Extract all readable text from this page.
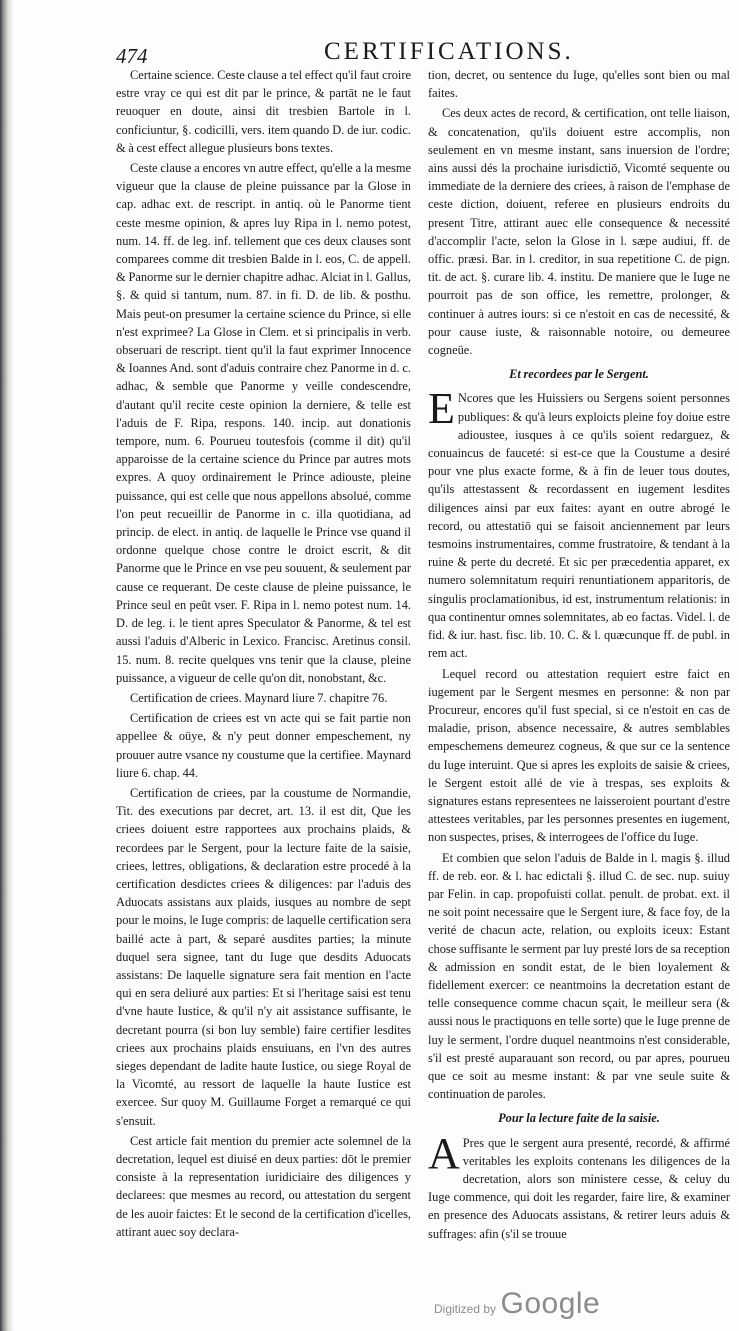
474	CERTIFICATIONS.

Certaine science. Ceste clause a tel effect qu'il faut croire estre vray ce qui est dit par le prince, & partāt ne le faut reuoquer en doute, ainsi dit tresbien Bartole in l. conficiuntur, §. codicilli, vers. item quando D. de iur. codic. & à cest effect allegue plusieurs bons textes.

Ceste clause a encores vn autre effect, qu'elle a la mesme vigueur que la clause de pleine puissance par la Glose in cap. adhac ext. de rescript. in antiq. où le Panorme tient ceste mesme opinion, & apres luy Ripa in l. nemo potest, num. 14. ff. de leg. inf. tellement que ces deux clauses sont comparees comme dit tresbien Balde in l. eos, C. de appell. & Panorme sur le dernier chapitre adhac. Alciat in l. Gallus, §. & quid si tantum, num. 87. in fi. D. de lib. & posthu. Mais peut-on presumer la certaine science du Prince, si elle n'est exprimee? La Glose in Clem. et si principalis in verb. obseruari de rescript. tient qu'il la faut exprimer Innocence & Ioannes And. sont d'aduis contraire chez Panorme in d. c. adhac, & semble que Panorme y veille condescendre, d'autant qu'il recite ceste opinion la derniere, & telle est l'aduis de F. Ripa, respons. 140. incip. aut donationis tempore, num. 6. Pourueu toutesfois (comme il dit) qu'il apparoisse de la certaine science du Prince par autres mots expres. A quoy ordinairement le Prince adiouste, pleine puissance, qui est celle que nous appellons absolué, comme l'on peut recueillir de Panorme in c. illa quotidiana, ad princip. de elect. in antiq. de laquelle le Prince vse quand il ordonne quelque chose contre le droict escrit, & dit Panorme que le Prince en vse peu souuent, & seulement par cause ce requerant. De ceste clause de pleine puissance, le Prince seul en peût vser. F. Ripa in l. nemo potest num. 14. D. de leg. i. le tient apres Speculator & Panorme, & tel est aussi l'aduis d'Alberic in Lexico. Francisc. Aretinus consil. 15. num. 8. recite quelques vns tenir que la clause, pleine puissance, a vigueur de celle qu'on dit, nonobstant, &c.

Certification de criees. Maynard liure 7. chapitre 76.

Certification de criees est vn acte qui se fait partie non appellee & oüye, & n'y peut donner empeschement, ny prouuer autre vsance ny coustume que la certifiee. Maynard liure 6. chap. 44.

Certification de criees, par la coustume de Normandie, Tit. des executions par decret, art. 13. il est dit, Que les criees doiuent estre rapportees aux prochains plaids, & recordees par le Sergent, pour la lecture faite de la saisie, criees, lettres, obligations, & declaration estre procedé à la certification desdictes criees & diligences: par l'aduis des Aduocats assistans aux plaids, iusques au nombre de sept pour le moins, le Iuge compris: de laquelle certification sera baillé acte à part, & separé ausdites parties; la minute duquel sera signee, tant du Iuge que desdits Aduocats assistans: De laquelle signature sera fait mention en l'acte qui en sera deliuré aux parties: Et si l'heritage saisi est tenu d'vne haute Iustice, & qu'il n'y ait assistance suffisante, le decretant pourra (si bon luy semble) faire certifier lesdites criees aux prochains plaids ensuiuans, en l'vn des autres sieges dependant de ladite haute Iustice, ou siege Royal de la Vicomté, au ressort de laquelle la haute Iustice est exercee. Sur quoy M. Guillaume Forget a remarqué ce qui s'ensuit.

Cest article fait mention du premier acte solemnel de la decretation, lequel est diuisé en deux parties: dōt le premier consiste à la representation iuridiciaire des diligences y declarees: que mesmes au record, ou attestation du sergent de les auoir faictes: Et le second de la certification d'icelles, attirant auec soy declara-

tion, decret, ou sentence du Iuge, qu'elles sont bien ou mal faites.

Ces deux actes de record, & certification, ont telle liaison, & concatenation, qu'ils doiuent estre accomplis, non seulement en vn mesme instant, sans inuersion de l'ordre; ains aussi dés la prochaine iurisdictiō, Vicomté sequente ou immediate de la derniere des criees, à raison de l'emphase de ceste diction, doiuent, referee en plusieurs endroits du present Titre, attirant auec elle consequence & necessité d'accomplir l'acte, selon la Glose in l. sæpe audiui, ff. de offic. præsi. Bar. in l. creditor, in sua repetitione C. de pign. tit. de act. §. curare lib. 4. institu. De maniere que le Iuge ne pourroit pas de son office, les remettre, prolonger, & continuer à autres iours: si ce n'estoit en cas de necessité, & pour cause iuste, & raisonnable notoire, ou demeuree cogneüe.

Et recordees par le Sergent.

E Ncores que les Huissiers ou Sergens soient personnes publiques: & qu'à leurs exploicts pleine foy doiue estre adioustee, iusques à ce qu'ils soient redarguez, & conuaincus de fauceté: si est-ce que la Coustume a desiré pour vne plus exacte forme, & à fin de leuer tous doutes, qu'ils attestassent & recordassent en iugement lesdites diligences ainsi par eux faites: ayant en outre abrogé le record, ou attestatiō qui se faisoit anciennement par leurs tesmoins instrumentaires, comme frustratoire, & tendant à la ruine & perte du decreté. Et sic per præcedentia apparet, ex numero solemnitatum requiri renuntiationem apparitoris, de singulis proclamationibus, id est, instrumentum relationis: in qua continentur omnes solemnitates, ab eo factas. Videl. l. de fid. & iur. hast. fisc. lib. 10. C. & l. quæcunque ff. de publ. in rem act.

Lequel record ou attestation requiert estre faict en iugement par le Sergent mesmes en personne: & non par Procureur, encores qu'il fust special, si ce n'estoit en cas de maladie, prison, absence necessaire, & autres semblables empeschemens demeurez cogneus, & que sur ce la sentence du Iuge interuint. Que si apres les exploits de saisie & criees, le Sergent estoit allé de vie à trespas, ses exploits & signatures estans representees ne laisseroient pourtant d'estre attestees veritables, par les personnes presentes en iugement, non suspectes, prises, & interrogees de l'office du Iuge.

Et combien que selon l'aduis de Balde in l. magis §. illud ff. de reb. eor. & l. hac edictali §. illud C. de sec. nup. suiuy par Felin. in cap. propofuisti collat. penult. de probat. ext. il ne soit point necessaire que le Sergent iure, & face foy, de la verité de chacun acte, relation, ou exploits iceux: Estant chose suffisante le serment par luy presté lors de sa reception & admission en sondit estat, de le bien loyalement & fidellement exercer: ce neantmoins la decretation estant de telle consequence comme chacun sçait, le meilleur sera (& aussi nous le practiquons en telle sorte) que le Iuge prenne de luy le serment, l'ordre duquel neantmoins n'est considerable, s'il est presté auparauant son record, ou par apres, pourueu que ce soit au mesme instant: & par vne seule suite & continuation de paroles.

Pour la lecture faite de la saisie.

A Pres que le sergent aura presenté, recordé, & affirmé veritables les exploits contenans les diligences de la decretation, alors son ministere cesse, & celuy du Iuge commence, qui doit les regarder, faire lire, & examiner en presence des Aduocats assistans, & retirer leurs aduis & suffrages: afin (s'il se trouue

Digitized by Google
